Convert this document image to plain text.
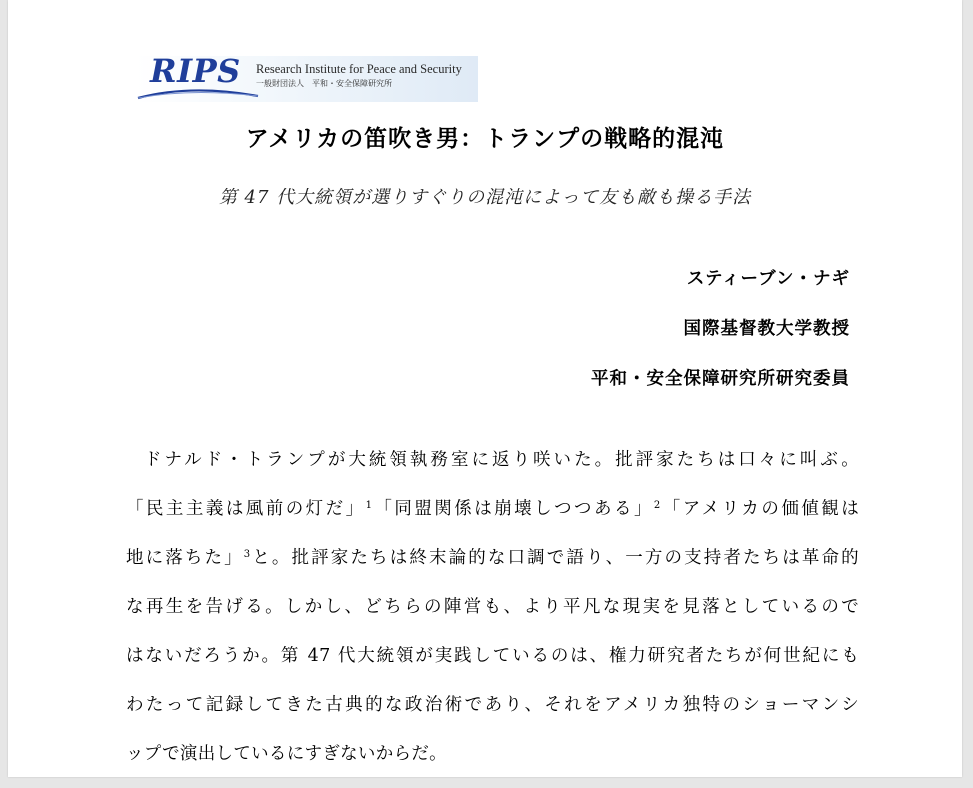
RIPS Research Institute for Peace and Security
一般財団法人　平和・安全保障研究所
アメリカの笛吹き男：トランプの戦略的混沌
第 47 代大統領が選りすぐりの混沌によって友も敵も操る手法
スティーブン・ナギ
国際基督教大学教授
平和・安全保障研究所研究委員
ドナルド・トランプが大統領執務室に返り咲いた。批評家たちは口々に叫ぶ。
「民主主義は風前の灯だ」$^1$「同盟関係は崩壊しつつある」$^2$「アメリカの価値観は
地に落ちた」$^3$と。批評家たちは終末論的な口調で語り、一方の支持者たちは革命的
な再生を告げる。しかし、どちらの陣営も、より平凡な現実を見落としているので
はないだろうか。第 47 代大統領が実践しているのは、権力研究者たちが何世紀にも
わたって記録してきた古典的な政治術であり、それをアメリカ独特のショーマンシ
ップで演出しているにすぎないからだ。
